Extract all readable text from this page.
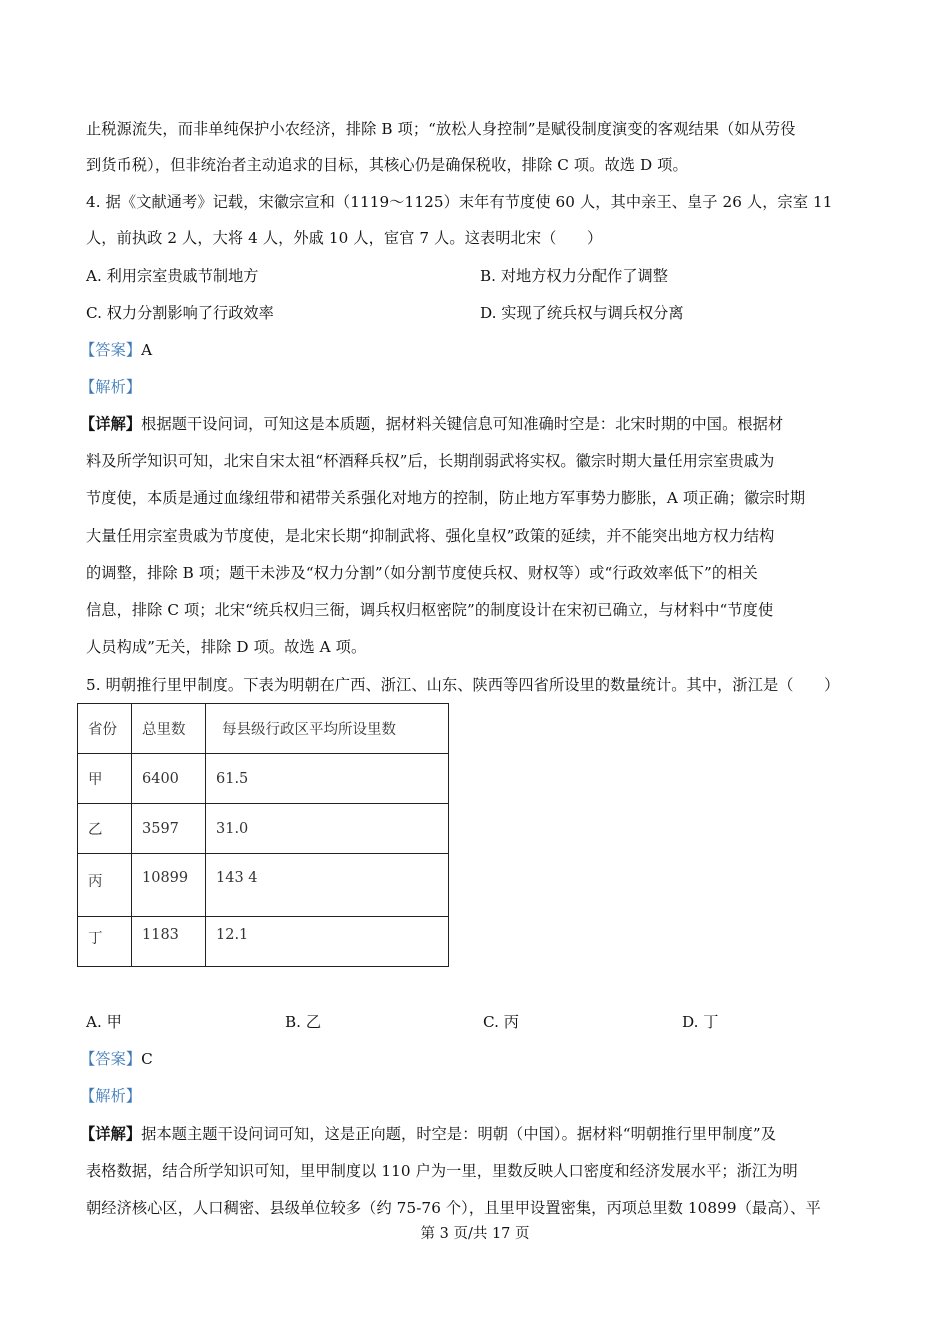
止税源流失，而非单纯保护小农经济，排除 B 项；“放松人身控制”是赋役制度演变的客观结果（如从劳役
到货币税），但非统治者主动追求的目标，其核心仍是确保税收，排除 C 项。故选 D 项。
4. 据《文献通考》记载，宋徽宗宣和（1119～1125）末年有节度使 60 人，其中亲王、皇子 26 人，宗室 11
人，前执政 2 人，大将 4 人，外戚 10 人，宦官 7 人。这表明北宋（　　）
A. 利用宗室贵戚节制地方	B. 对地方权力分配作了调整
C. 权力分割影响了行政效率	D. 实现了统兵权与调兵权分离
【答案】A
【解析】
【详解】根据题干设问词，可知这是本质题，据材料关键信息可知准确时空是：北宋时期的中国。根据材
料及所学知识可知，北宋自宋太祖“杯酒释兵权”后，长期削弱武将实权。徽宗时期大量任用宗室贵戚为
节度使，本质是通过血缘纽带和裙带关系强化对地方的控制，防止地方军事势力膨胀，A 项正确；徽宗时期
大量任用宗室贵戚为节度使，是北宋长期“抑制武将、强化皇权”政策的延续，并不能突出地方权力结构
的调整，排除 B 项；题干未涉及“权力分割”（如分割节度使兵权、财权等）或“行政效率低下”的相关
信息，排除 C 项；北宋“统兵权归三衙，调兵权归枢密院”的制度设计在宋初已确立，与材料中“节度使
人员构成”无关，排除 D 项。故选 A 项。
5. 明朝推行里甲制度。下表为明朝在广西、浙江、山东、陕西等四省所设里的数量统计。其中，浙江是（　　）
省份	总里数	每县级行政区平均所设里数
甲	6400	61.5
乙	3597	31.0
丙	10899	143 4
丁	1183	12.1
A. 甲	B. 乙	C. 丙	D. 丁
【答案】C
【解析】
【详解】据本题主题干设问词可知，这是正向题，时空是：明朝（中国）。据材料“明朝推行里甲制度”及
表格数据，结合所学知识可知，里甲制度以 110 户为一里，里数反映人口密度和经济发展水平；浙江为明
朝经济核心区，人口稠密、县级单位较多（约 75-76 个），且里甲设置密集，丙项总里数 10899（最高）、平
第 3 页/共 17 页
